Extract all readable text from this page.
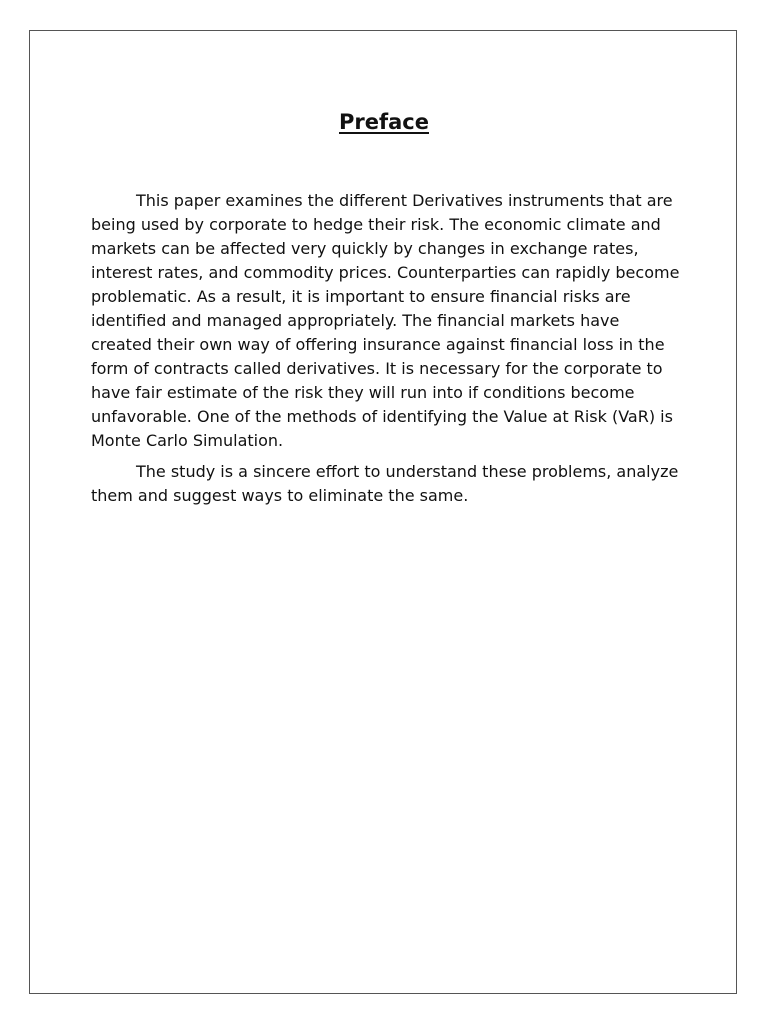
Preface

This paper examines the different Derivatives instruments that are being used by corporate to hedge their risk. The economic climate and markets can be affected very quickly by changes in exchange rates, interest rates, and commodity prices. Counterparties can rapidly become problematic. As a result, it is important to ensure financial risks are identified and managed appropriately. The financial markets have created their own way of offering insurance against financial loss in the form of contracts called derivatives. It is necessary for the corporate to have fair estimate of the risk they will run into if conditions become unfavorable. One of the methods of identifying the Value at Risk (VaR) is Monte Carlo Simulation.

The study is a sincere effort to understand these problems, analyze them and suggest ways to eliminate the same.
